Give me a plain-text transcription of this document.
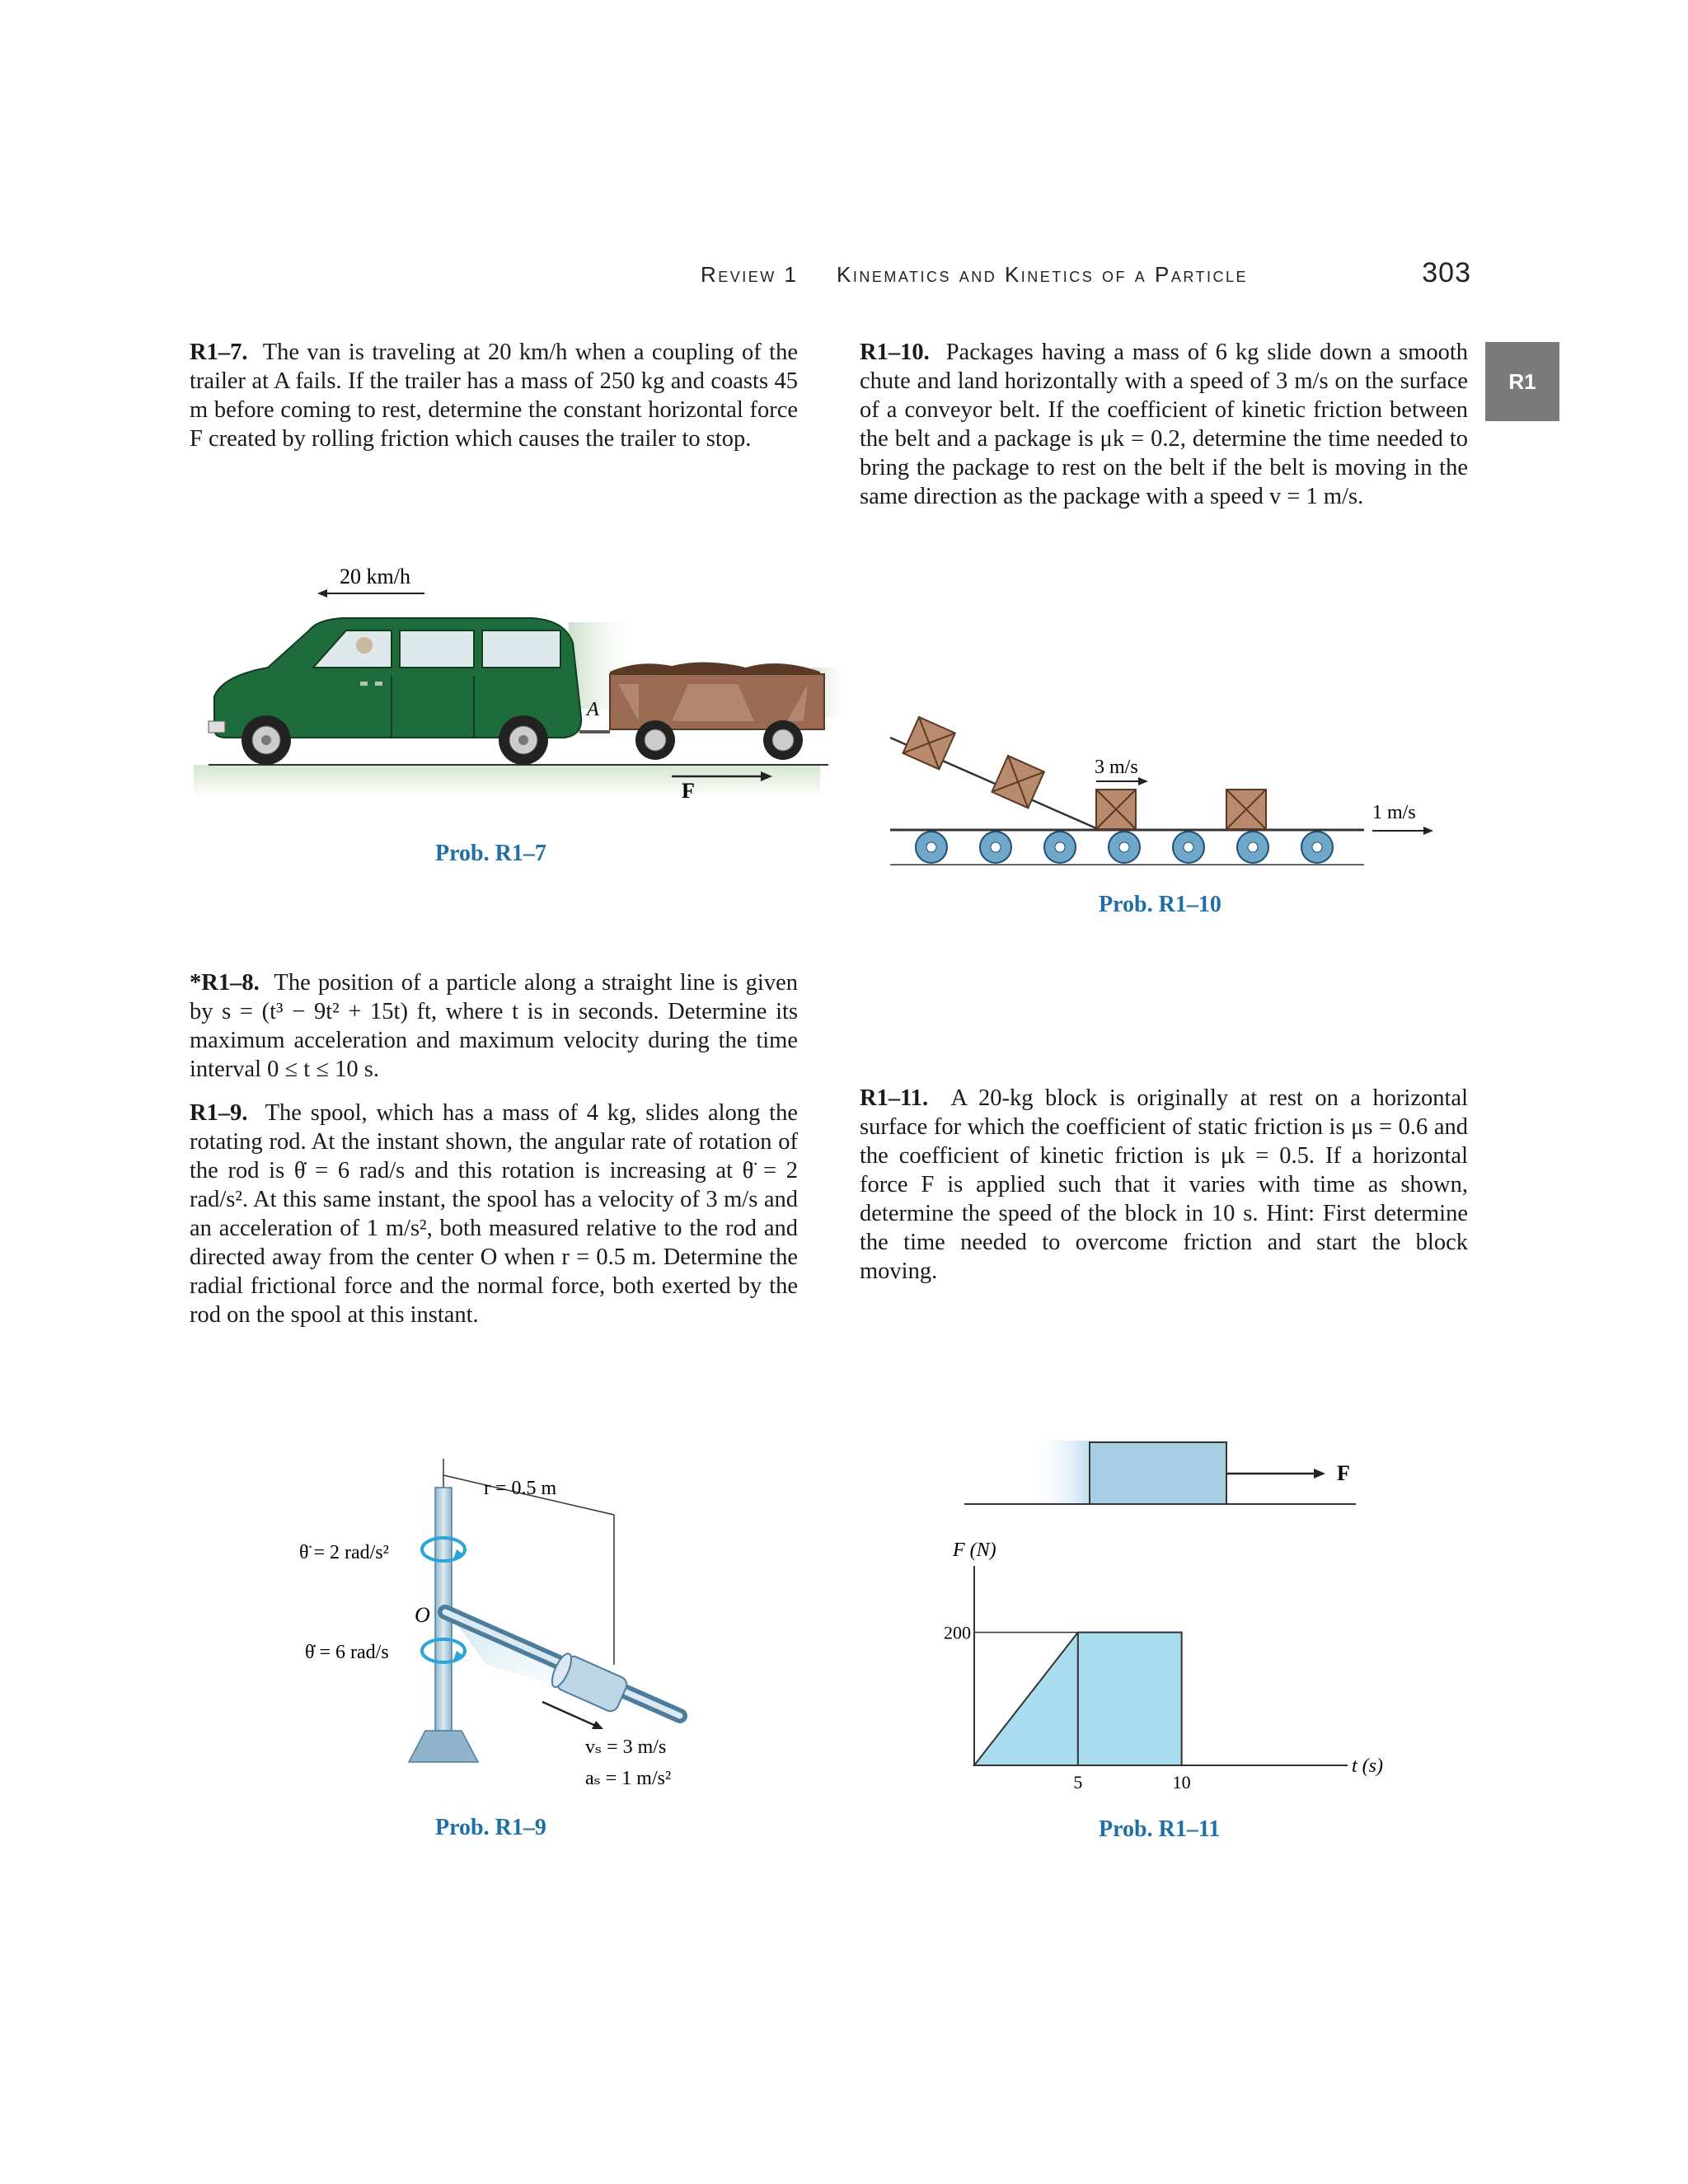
Review 1 Kinematics and Kinetics of a Particle	303
R1
R1–7. The van is traveling at 20 km/h when a coupling of the trailer at A fails. If the trailer has a mass of 250 kg and coasts 45 m before coming to rest, determine the constant horizontal force F created by rolling friction which causes the trailer to stop.
R1–10. Packages having a mass of 6 kg slide down a smooth chute and land horizontally with a speed of 3 m/s on the surface of a conveyor belt. If the coefficient of kinetic friction between the belt and a package is μk = 0.2, determine the time needed to bring the package to rest on the belt if the belt is moving in the same direction as the package with a speed v = 1 m/s.
20 km/h
A
F
Prob. R1–7
3 m/s
1 m/s
Prob. R1–10
*R1–8. The position of a particle along a straight line is given by s = (t³ − 9t² + 15t) ft, where t is in seconds. Determine its maximum acceleration and maximum velocity during the time interval 0 ≤ t ≤ 10 s.
R1–9. The spool, which has a mass of 4 kg, slides along the rotating rod. At the instant shown, the angular rate of rotation of the rod is θ̇ = 6 rad/s and this rotation is increasing at θ̈ = 2 rad/s². At this same instant, the spool has a velocity of 3 m/s and an acceleration of 1 m/s², both measured relative to the rod and directed away from the center O when r = 0.5 m. Determine the radial frictional force and the normal force, both exerted by the rod on the spool at this instant.
R1–11. A 20-kg block is originally at rest on a horizontal surface for which the coefficient of static friction is μs = 0.6 and the coefficient of kinetic friction is μk = 0.5. If a horizontal force F is applied such that it varies with time as shown, determine the speed of the block in 10 s. Hint: First determine the time needed to overcome friction and start the block moving.
r = 0.5 m
θ̈ = 2 rad/s²
θ̇ = 6 rad/s
O
vₛ = 3 m/s
aₛ = 1 m/s²
Prob. R1–9
F
F (N)
t (s)
200
5	10
Prob. R1–11
